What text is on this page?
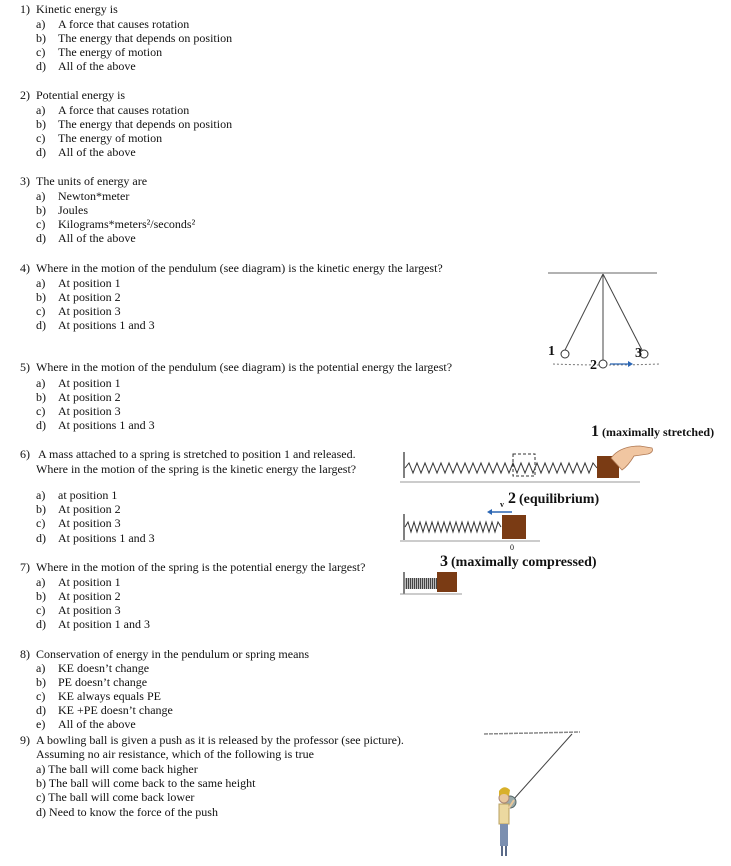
1) Kinetic energy is
a) A force that causes rotation
b) The energy that depends on position
c) The energy of motion
d) All of the above
2) Potential energy is
a) A force that causes rotation
b) The energy that depends on position
c) The energy of motion
d) All of the above
3) The units of energy are
a) Newton*meter
b) Joules
c) Kilograms*meters²/seconds²
d) All of the above
4) Where in the motion of the pendulum (see diagram) is the kinetic energy the largest?
a) At position 1
b) At position 2
c) At position 3
d) At positions 1 and 3
5) Where in the motion of the pendulum (see diagram) is the potential energy the largest?
a) At position 1
b) At position 2
c) At position 3
d) At positions 1 and 3
6) A mass attached to a spring is stretched to position 1 and released.
Where in the motion of the spring is the kinetic energy the largest?
a) at position 1
b) At position 2
c) At position 3
d) At positions 1 and 3
7) Where in the motion of the spring is the potential energy the largest?
a) At position 1
b) At position 2
c) At position 3
d) At position 1 and 3
8) Conservation of energy in the pendulum or spring means
a) KE doesn’t change
b) PE doesn’t change
c) KE always equals PE
d) KE +PE doesn’t change
e) All of the above
9) A bowling ball is given a push as it is released by the professor (see picture).
Assuming no air resistance, which of the following is true
a) The ball will come back higher
b) The ball will come back to the same height
c) The ball will come back lower
d) Need to know the force of the push
1
2
3
1 (maximally stretched)
2 (equilibrium)
v
0
3 (maximally compressed)
